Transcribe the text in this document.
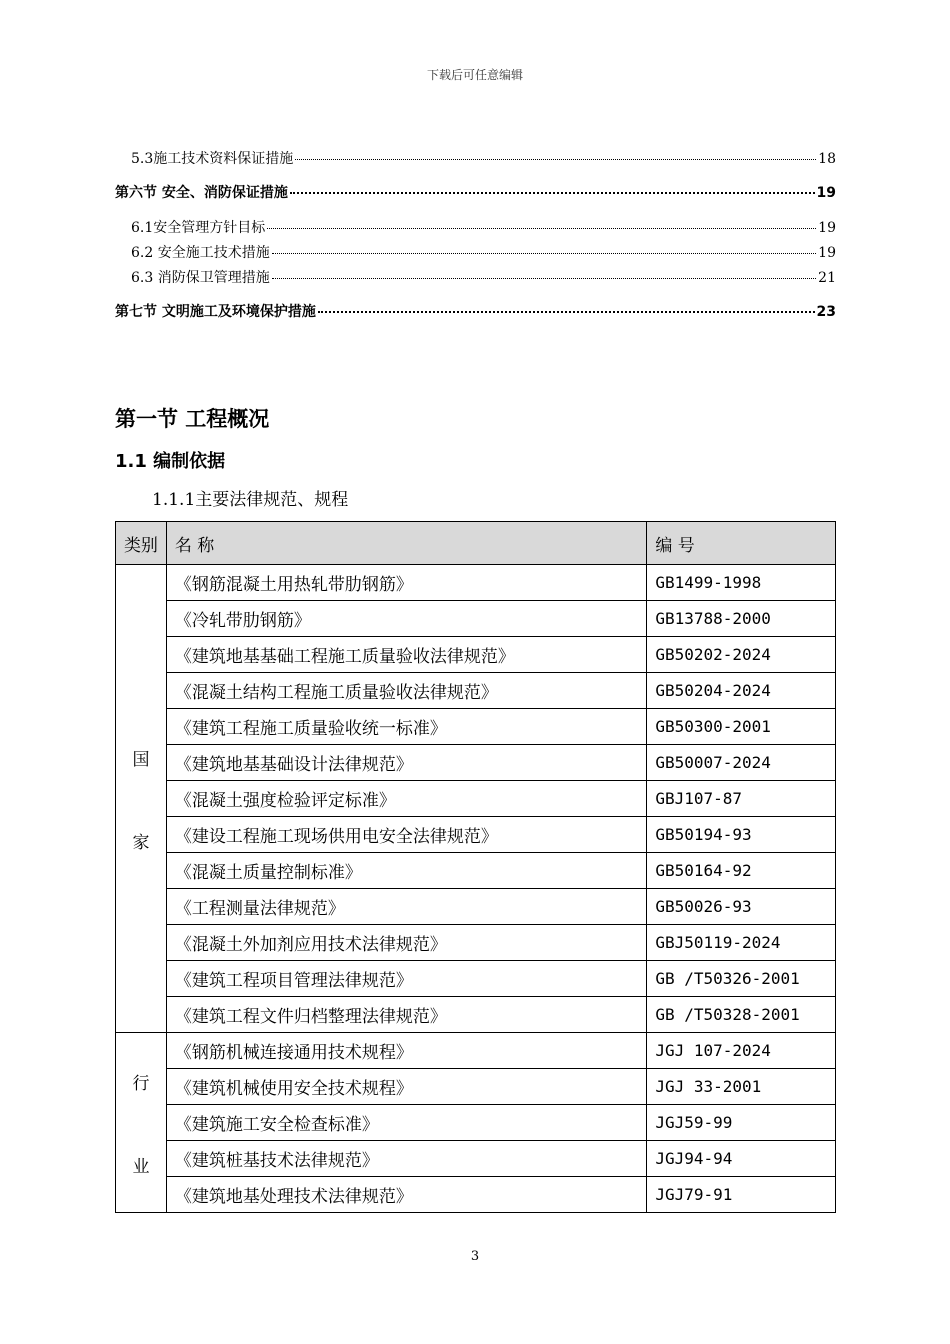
下载后可任意编辑
5.3施工技术资料保证措施	18
第六节 安全、消防保证措施	19
6.1安全管理方针目标	19
6.2 安全施工技术措施	19
6.3 消防保卫管理措施	21
第七节 文明施工及环境保护措施	23
第一节 工程概况
1.1 编制依据
1.1.1主要法律规范、规程
类别	名 称	编 号

国
家	《钢筋混凝土用热轧带肋钢筋》	GB1499-1998
	《冷轧带肋钢筋》	GB13788-2000
	《建筑地基基础工程施工质量验收法律规范》	GB50202-2024
	《混凝土结构工程施工质量验收法律规范》	GB50204-2024
	《建筑工程施工质量验收统一标准》	GB50300-2001
	《建筑地基基础设计法律规范》	GB50007-2024
	《混凝土强度检验评定标准》	GBJ107-87
	《建设工程施工现场供用电安全法律规范》	GB50194-93
	《混凝土质量控制标准》	GB50164-92
	《工程测量法律规范》	GB50026-93
	《混凝土外加剂应用技术法律规范》	GBJ50119-2024
	《建筑工程项目管理法律规范》	GB /T50326-2001
	《建筑工程文件归档整理法律规范》	GB /T50328-2001

行
业	《钢筋机械连接通用技术规程》	JGJ 107-2024
	《建筑机械使用安全技术规程》	JGJ 33-2001
	《建筑施工安全检查标准》	JGJ59-99
	《建筑桩基技术法律规范》	JGJ94-94
	《建筑地基处理技术法律规范》	JGJ79-91
3
